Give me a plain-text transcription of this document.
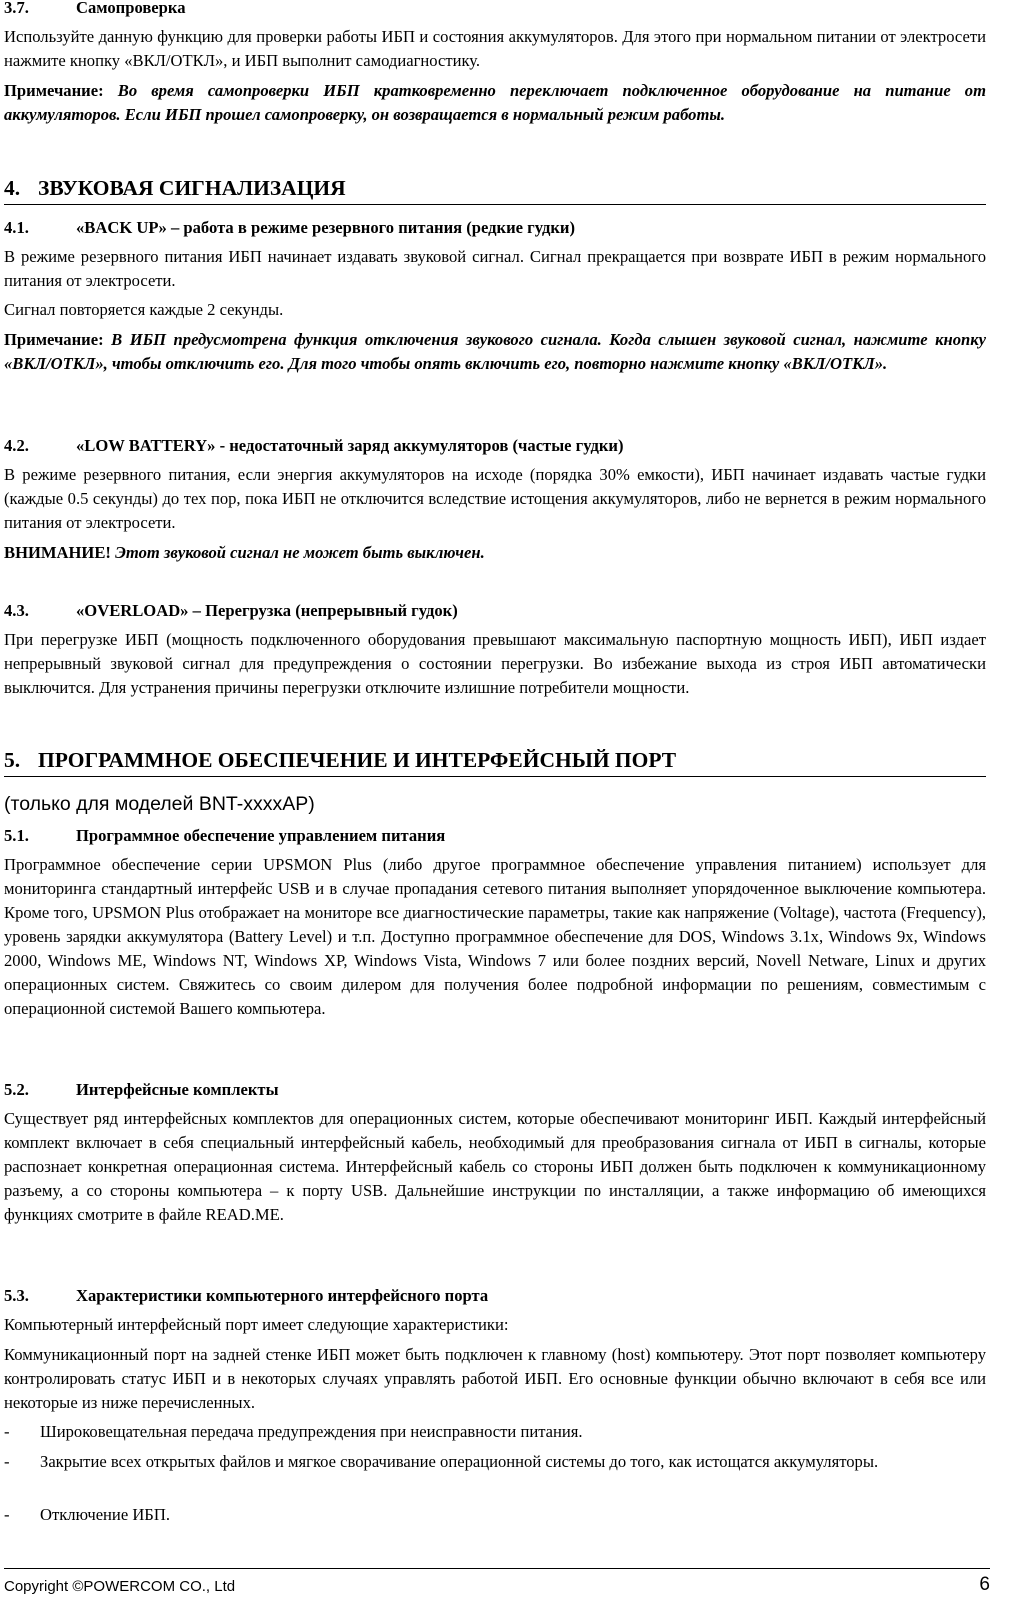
3.7.	Самопроверка

Используйте данную функцию для проверки работы ИБП и состояния аккумуляторов. Для этого при нормальном питании от электросети нажмите кнопку «ВКЛ/ОТКЛ», и ИБП выполнит самодиагностику.

Примечание: Во время самопроверки ИБП кратковременно переключает подключенное оборудование на питание от аккумуляторов. Если ИБП прошел самопроверку, он возвращается в нормальный режим работы.

4. ЗВУКОВАЯ СИГНАЛИЗАЦИЯ
4.1.	«BACK UP» – работа в режиме резервного питания (редкие гудки)

В режиме резервного питания ИБП начинает издавать звуковой сигнал. Сигнал прекращается при возврате ИБП в режим нормального питания от электросети.

Сигнал повторяется каждые 2 секунды.

Примечание: В ИБП предусмотрена функция отключения звукового сигнала. Когда слышен звуковой сигнал, нажмите кнопку «ВКЛ/ОТКЛ», чтобы отключить его. Для того чтобы опять включить его, повторно нажмите кнопку «ВКЛ/ОТКЛ».

4.2.	«LOW BATTERY» - недостаточный заряд аккумуляторов (частые гудки)

В режиме резервного питания, если энергия аккумуляторов на исходе (порядка 30% емкости), ИБП начинает издавать частые гудки (каждые 0.5 секунды) до тех пор, пока ИБП не отключится вследствие истощения аккумуляторов, либо не вернется в режим нормального питания от электросети.

ВНИМАНИЕ! Этот звуковой сигнал не может быть выключен.

4.3.	«OVERLOAD» – Перегрузка (непрерывный гудок)

При перегрузке ИБП (мощность подключенного оборудования превышают максимальную паспортную мощность ИБП), ИБП издает непрерывный звуковой сигнал для предупреждения о состоянии перегрузки. Во избежание выхода из строя ИБП автоматически выключится. Для устранения причины перегрузки отключите излишние потребители мощности.

5. ПРОГРАММНОЕ ОБЕСПЕЧЕНИЕ И ИНТЕРФЕЙСНЫЙ ПОРТ
(только для моделей BNT-xxxxAP)
5.1.	Программное обеспечение управлением питания

Программное обеспечение серии UPSMON Plus (либо другое программное обеспечение управления питанием) использует для мониторинга стандартный интерфейс USB и в случае пропадания сетевого питания выполняет упорядоченное выключение компьютера. Кроме того, UPSMON Plus отображает на мониторе все диагностические параметры, такие как напряжение (Voltage), частота (Frequency), уровень зарядки аккумулятора (Battery Level) и т.п. Доступно программное обеспечение для DOS, Windows 3.1x, Windows 9x, Windows 2000, Windows ME, Windows NT, Windows XP, Windows Vista, Windows 7 или более поздних версий, Novell Netware, Linux и других операционных систем. Свяжитесь со своим дилером для получения более подробной информации по решениям, совместимым с операционной системой Вашего компьютера.

5.2.	Интерфейсные комплекты

Существует ряд интерфейсных комплектов для операционных систем, которые обеспечивают мониторинг ИБП. Каждый интерфейсный комплект включает в себя специальный интерфейсный кабель, необходимый для преобразования сигнала от ИБП в сигналы, которые распознает конкретная операционная система. Интерфейсный кабель со стороны ИБП должен быть подключен к коммуникационному разъему, а со стороны компьютера – к порту USB. Дальнейшие инструкции по инсталляции, а также информацию об имеющихся функциях смотрите в файле READ.ME.

5.3.	Характеристики компьютерного интерфейсного порта

Компьютерный интерфейсный порт имеет следующие характеристики:

Коммуникационный порт на задней стенке ИБП может быть подключен к главному (host) компьютеру. Этот порт позволяет компьютеру контролировать статус ИБП и в некоторых случаях управлять работой ИБП. Его основные функции обычно включают в себя все или некоторые из ниже перечисленных.

-	Широковещательная передача предупреждения при неисправности питания.

-	Закрытие всех открытых файлов и мягкое сворачивание операционной системы до того, как истощатся аккумуляторы.

-	Отключение ИБП.

Copyright ©POWERCOM CO., Ltd	6
